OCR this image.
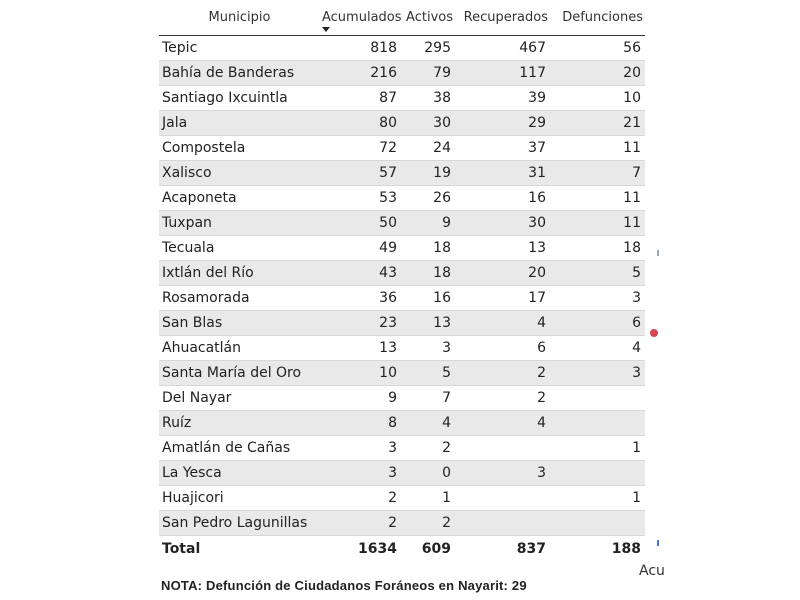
Municipio	Acumulados	Activos	Recuperados	Defunciones
Tepic	818	295	467	56
Bahía de Banderas	216	79	117	20
Santiago Ixcuintla	87	38	39	10
Jala	80	30	29	21
Compostela	72	24	37	11
Xalisco	57	19	31	7
Acaponeta	53	26	16	11
Tuxpan	50	9	30	11
Tecuala	49	18	13	18
Ixtlán del Río	43	18	20	5
Rosamorada	36	16	17	3
San Blas	23	13	4	6
Ahuacatlán	13	3	6	4
Santa María del Oro	10	5	2	3
Del Nayar	9	7	2	
Ruíz	8	4	4	
Amatlán de Cañas	3	2		1
La Yesca	3	0	3	
Huajicori	2	1		1
San Pedro Lagunillas	2	2		
Total	1634	609	837	188
Acu
NOTA: Defunción de Ciudadanos Foráneos en Nayarit: 29
